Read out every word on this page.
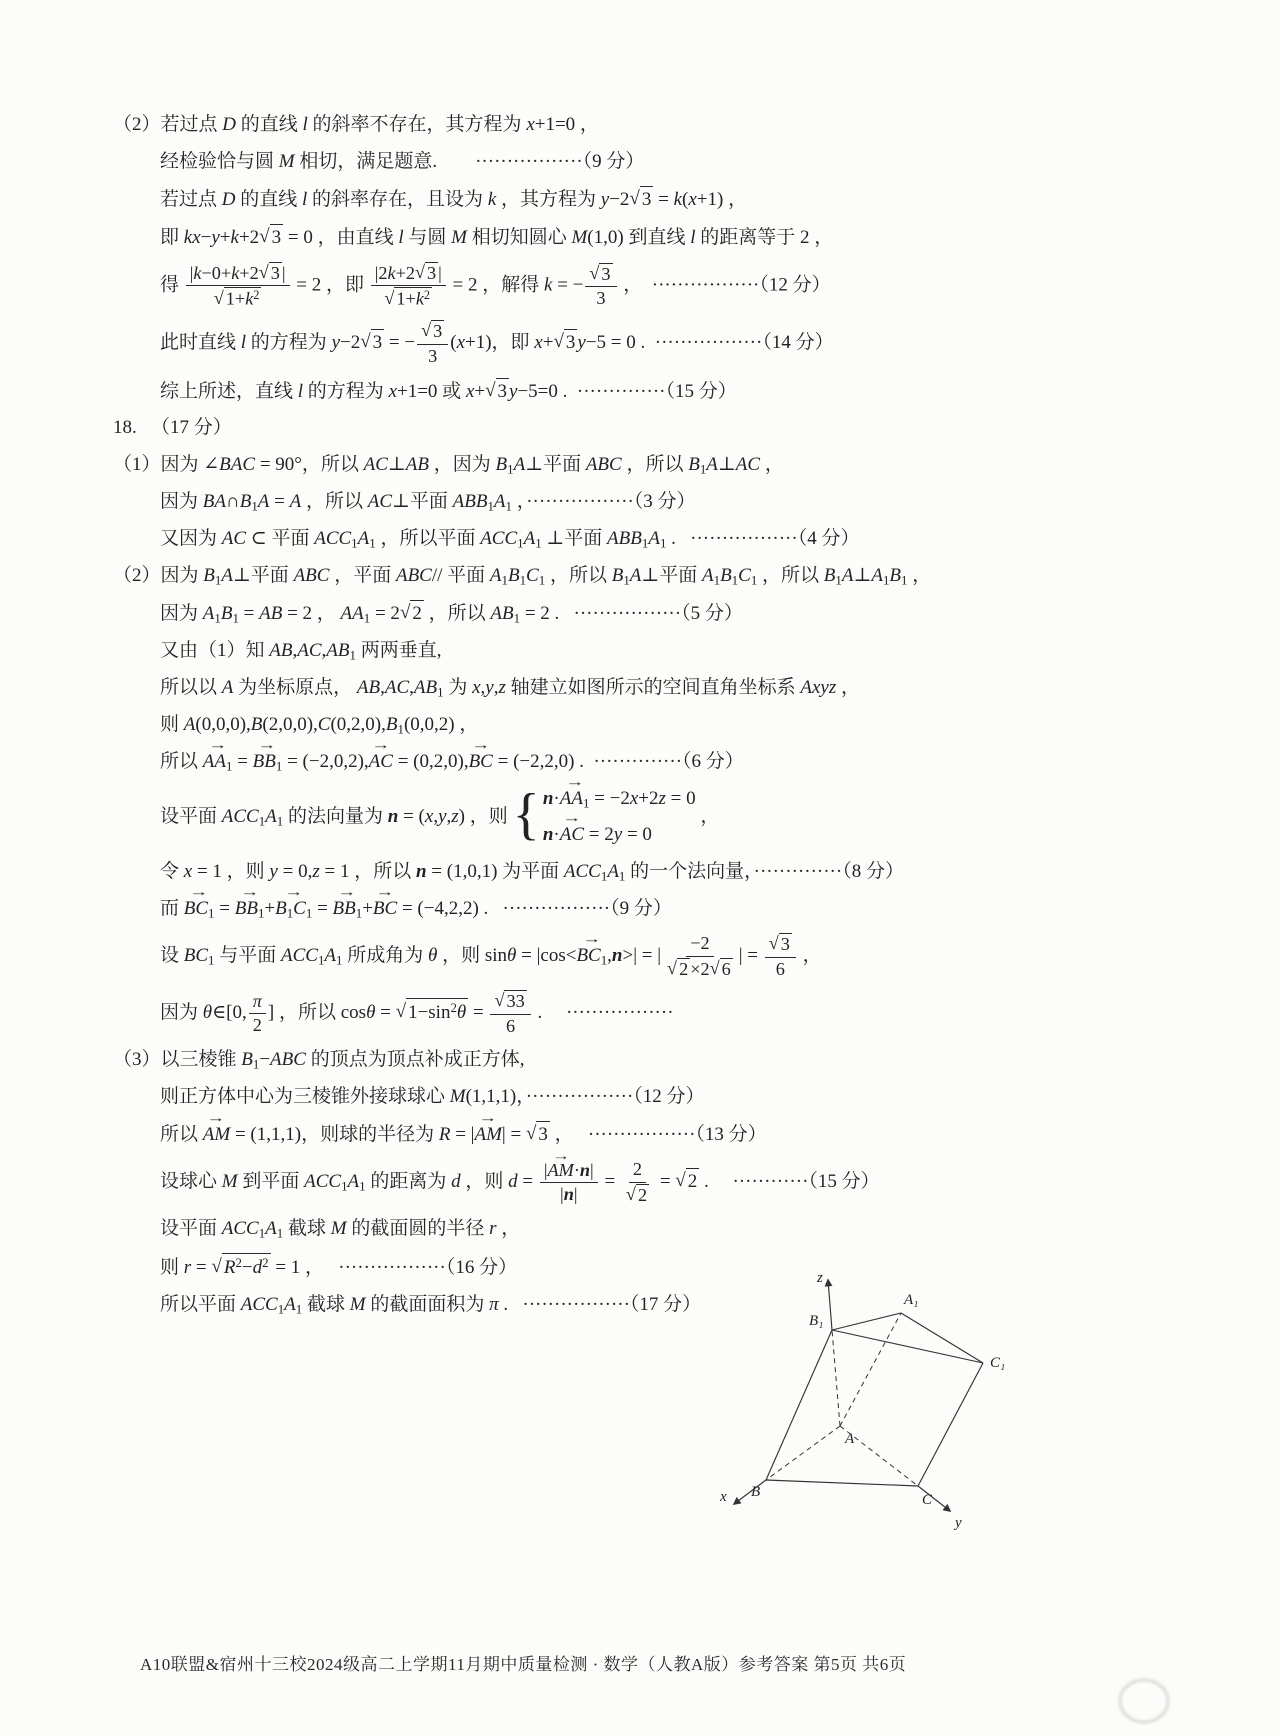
（2）若过点 D 的直线 l 的斜率不存在，其方程为 x+1=0 ，
经检验恰与圆 M 相切，满足题意.        ·················（9 分）
若过点 D 的直线 l 的斜率存在，且设为 k ，其方程为 y−2 √ 3 = k(x+1) ，
即 kx−y+k+2 √ 3 = 0 ，由直线 l 与圆 M 相切知圆心 M(1,0) 到直线 l 的距离等于 2 ，
得 $\frac{|k-0+k+2 √ 3 |}{√ 1+k^2} = 2$ ，即 $\frac{|2k+2 √ 3 |}{√ 1+k^2} = 2$ ，解得 k = − $\frac{√ 3}{3}$ ，  ·················（12 分）
此时直线 l 的方程为 y−2 √ 3 = − $\frac{√ 3}{3} (x+1)$，即 x+ √ 3 y−5 = 0 .  ·················（14 分）
综上所述，直线 l 的方程为 x+1=0 或 x+ √ 3 y−5=0 .  ··············（15 分）
18.   （17 分）
（1）因为 ∠BAC = 90°，所以 AC⊥AB ，因为 $B_1A\perp$平面 ABC ，所以 $B_1A\perp AC$ ，
因为 $BA\cap B_1A = A$ ，所以 AC⊥平面 $ABB_1A_1$ ，·················（3 分）
又因为 AC ⊂ 平面 $ACC_1A_1$ ，所以平面 $ACC_1A_1$ ⊥平面 $ABB_1A_1$ .   ·················（4 分）
（2）因为 $B_1A\perp$平面 ABC ，平面 ABC// 平面 $A_1B_1C_1$ ，所以 $B_1A\perp$平面 $A_1B_1C_1$ ，所以 $B_1A\perp A_1B_1$ ，
因为 $A_1B_1$ = AB = 2 ， $AA_1 = 2$ √ 2 ，所以 $AB_1 = 2$ .   ·················（5 分）
又由（1）知 $AB,AC,AB_1$ 两两垂直,
所以以 A 为坐标原点， $AB,AC,AB_1$ 为 x,y,z 轴建立如图所示的空间直角坐标系 Axyz ，
则 $A(0,0,0),B(2,0,0),C(0,2,0),B_1(0,0,2)$ ，
所以
→
$AA_1$ =
→
$BB_1 = (-2,0,2)$,
→
AC = (0,2,0),
→
BC = (−2,2,0) .  ··············（6 分）
设平面 $ACC_1A_1$ 的法向量为 n = (x,y,z) ，则 { n·
→
$AA_1 = -2x+2z = 0$
n·
→
AC = 2y = 0
，
令 x = 1 ，则 y = 0,z = 1 ，所以 n = (1,0,1) 为平面 $ACC_1A_1$ 的一个法向量，··············（8 分）
而
→
$BC_1$ =
→
$BB_1+$
→
$B_1C_1$ =
→
$BB_1+$
→
BC = (−4,2,2) .   ·················（9 分）
设 $BC_1$ 与平面 $ACC_1A_1$ 所成角为 θ ，则 sinθ = |cos<
→
$BC_1,n>|$ = | $\frac{-2}{√ 2 \times 2 √ 6}$ | = $\frac{√ 3}{6}$ ，
因为 θ∈[0, $\frac{\pi}{2}$ ] ，所以 cosθ = √ $1-\sin^2\theta = \frac{√ 33}{6}$ .     ·················
（3）以三棱锥 $B_1-ABC$ 的顶点为顶点补成正方体,
则正方体中心为三棱锥外接球球心 M(1,1,1)，·················（12 分）
所以
→
AM = (1,1,1)，则球的半径为 R = |
→
AM| = √ 3 ，   ·················（13 分）
设球心 M 到平面 $ACC_1A_1$ 的距离为 d ，则 d = |
→
AM·n|
$|n| = \frac{2}{√ 2}$ = √ 2 .     ············（15 分）
设平面 $ACC_1A_1$ 截球 M 的截面圆的半径 r ，
则 r = √ $R^2-d^2 = 1$ ，   ·················（16 分）
所以平面 $ACC_1A_1$ 截球 M 的截面面积为 π .   ·················（17 分）
z
x
y
A
B	C
A₁
B₁
C₁
A10联盟&宿州十三校2024级高二上学期11月期中质量检测 · 数学（人教A版）参考答案 第5页 共6页
